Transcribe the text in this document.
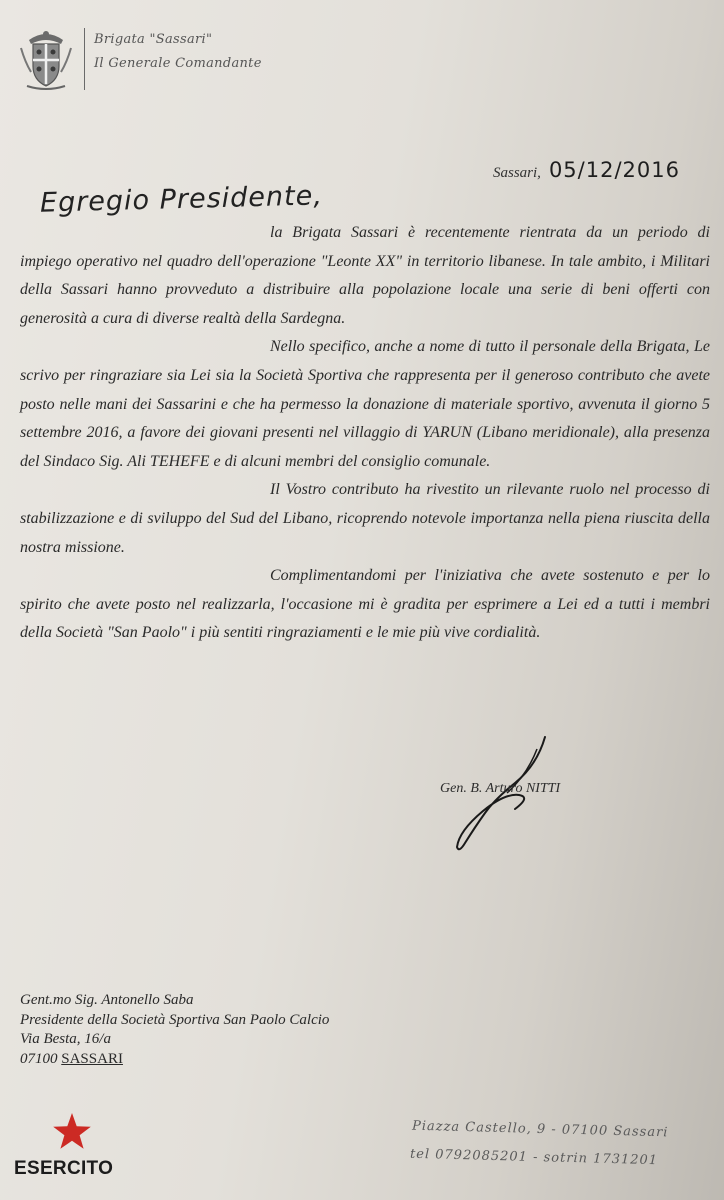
Brigata "Sassari"
Il Generale Comandante
Sassari, 05/12/2016
Egregio Presidente,

la Brigata Sassari è recentemente rientrata da un periodo di impiego operativo nel quadro dell'operazione "Leonte XX" in territorio libanese. In tale ambito, i Militari della Sassari hanno provveduto a distribuire alla popolazione locale una serie di beni offerti con generosità a cura di diverse realtà della Sardegna.

Nello specifico, anche a nome di tutto il personale della Brigata, Le scrivo per ringraziare sia Lei sia la Società Sportiva che rappresenta per il generoso contributo che avete posto nelle mani dei Sassarini e che ha permesso la donazione di materiale sportivo, avvenuta il giorno 5 settembre 2016, a favore dei giovani presenti nel villaggio di YARUN (Libano meridionale), alla presenza del Sindaco Sig. Ali TEHEFE e di alcuni membri del consiglio comunale.

Il Vostro contributo ha rivestito un rilevante ruolo nel processo di stabilizzazione e di sviluppo del Sud del Libano, ricoprendo notevole importanza nella piena riuscita della nostra missione.

Complimentandomi per l'iniziativa che avete sostenuto e per lo spirito che avete posto nel realizzarla, l'occasione mi è gradita per esprimere a Lei ed a tutti i membri della Società "San Paolo" i più sentiti ringraziamenti e le mie più vive cordialità.

Gen. B. Arturo NITTI
Gent.mo Sig. Antonello Saba
Presidente della Società Sportiva San Paolo Calcio
Via Besta, 16/a
07100 SASSARI
ESERCITO
Piazza Castello, 9 - 07100 Sassari
tel 0792085201 - sotrin 1731201
